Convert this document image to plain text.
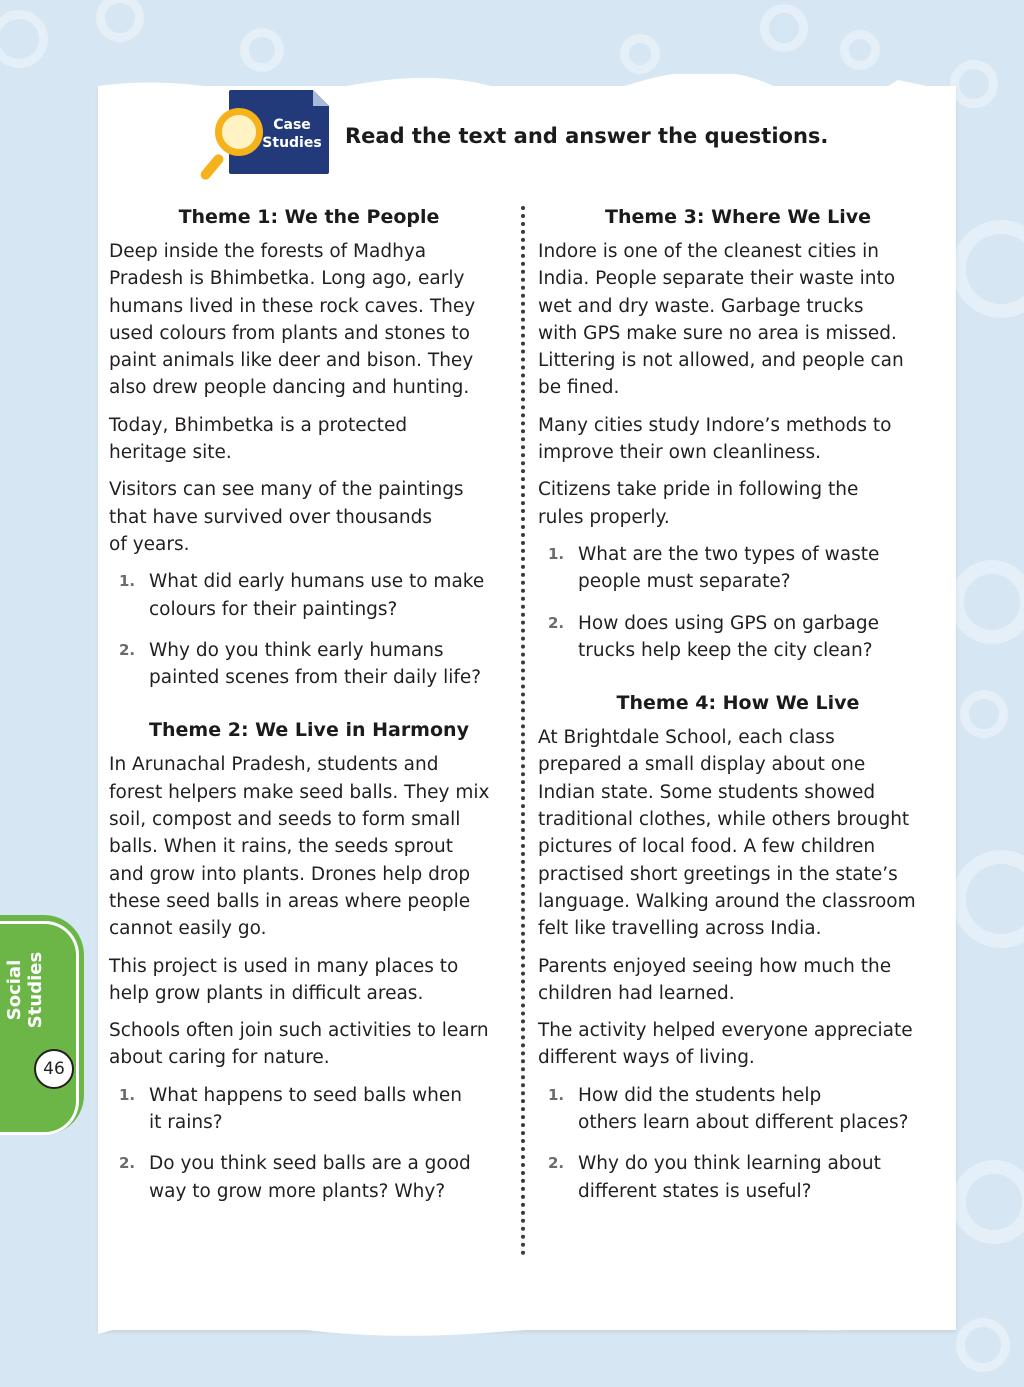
Case
Studies	Read the text and answer the questions.
Theme 1: We the People

Deep inside the forests of Madhya
Pradesh is Bhimbetka. Long ago, early
humans lived in these rock caves. They
used colours from plants and stones to
paint animals like deer and bison. They
also drew people dancing and hunting.

Today, Bhimbetka is a protected
heritage site.

Visitors can see many of the paintings
that have survived over thousands
of years.

1. What did early humans use to make
colours for their paintings?
2. Why do you think early humans
painted scenes from their daily life?
Theme 2: We Live in Harmony

In Arunachal Pradesh, students and
forest helpers make seed balls. They mix
soil, compost and seeds to form small
balls. When it rains, the seeds sprout
and grow into plants. Drones help drop
these seed balls in areas where people
cannot easily go.

This project is used in many places to
help grow plants in difficult areas.

Schools often join such activities to learn
about caring for nature.

1. What happens to seed balls when
it rains?
2. Do you think seed balls are a good
way to grow more plants? Why?
Theme 3: Where We Live

Indore is one of the cleanest cities in
India. People separate their waste into
wet and dry waste. Garbage trucks
with GPS make sure no area is missed.
Littering is not allowed, and people can
be fined.

Many cities study Indore’s methods to
improve their own cleanliness.

Citizens take pride in following the
rules properly.

1. What are the two types of waste
people must separate?
2. How does using GPS on garbage
trucks help keep the city clean?
Theme 4: How We Live

At Brightdale School, each class
prepared a small display about one
Indian state. Some students showed
traditional clothes, while others brought
pictures of local food. A few children
practised short greetings in the state’s
language. Walking around the classroom
felt like travelling across India.

Parents enjoyed seeing how much the
children had learned.

The activity helped everyone appreciate
different ways of living.

1. How did the students help
others learn about different places?
2. Why do you think learning about
different states is useful?
Social
Studies
46
